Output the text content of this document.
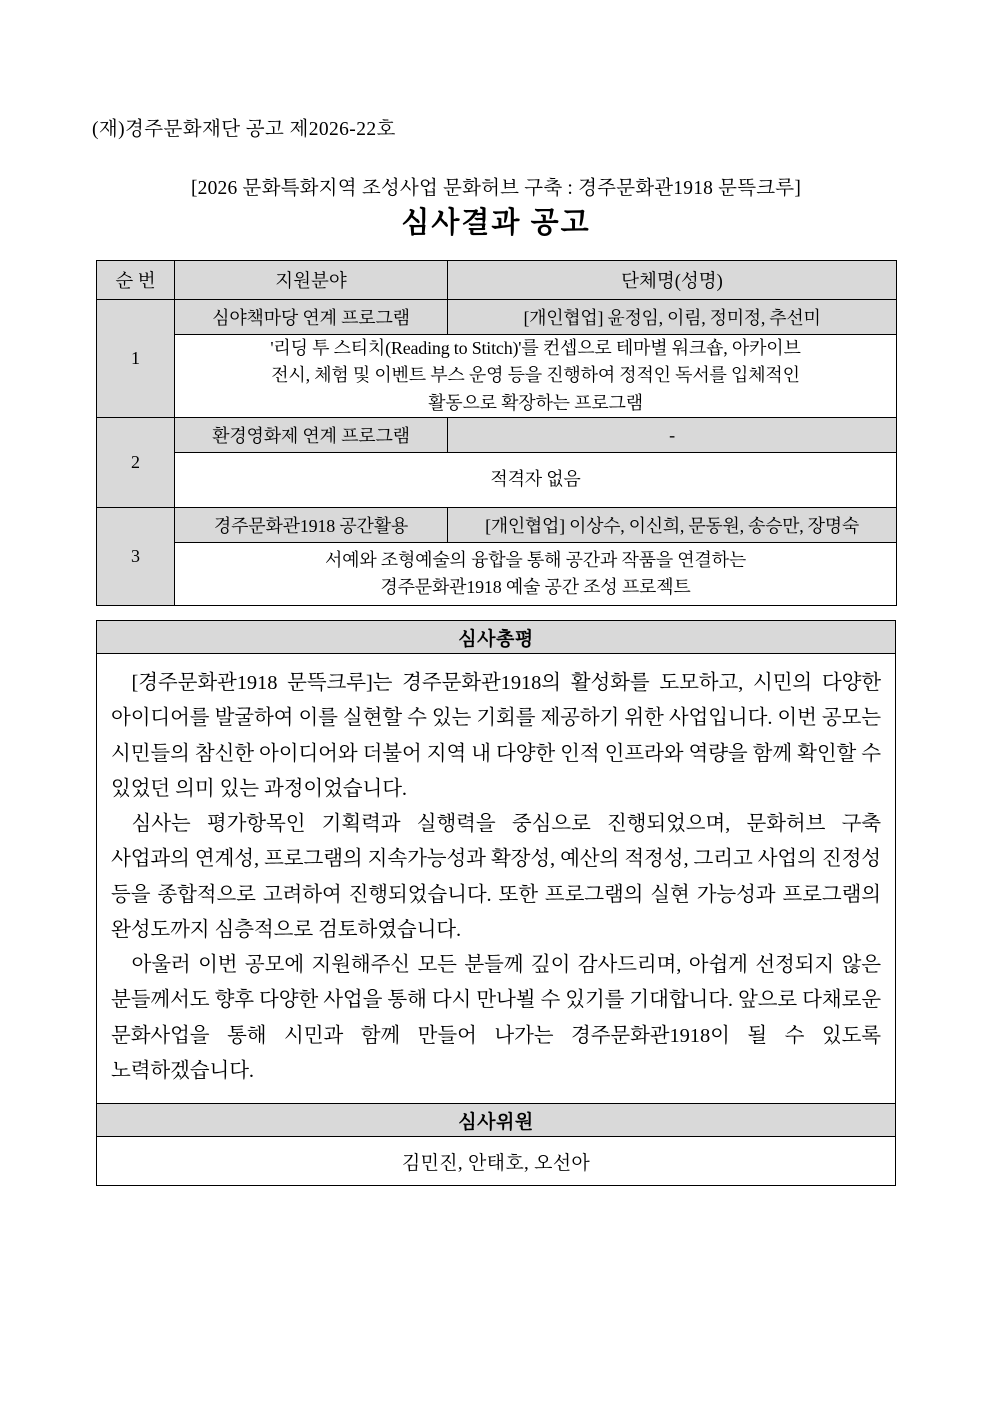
(재)경주문화재단 공고 제2026-22호
[2026 문화특화지역 조성사업 문화허브 구축 : 경주문화관1918 문뜩크루]
심사결과 공고
순 번	지원분야	단체명(성명)
1	심야책마당 연계 프로그램	[개인협업] 윤정임, 이림, 정미정, 추선미

	'리딩 투 스티치(Reading to Stitch)'를 컨셉으로 테마별 워크숍, 아카이브
전시, 체험 및 이벤트 부스 운영 등을 진행하여 정적인 독서를 입체적인
활동으로 확장하는 프로그램	

2	환경영화제 연계 프로그램	-

	적격자 없음	

3	경주문화관1918 공간활용	[개인협업] 이상수, 이신희, 문동원, 송승만, 장명숙

	서예와 조형예술의 융합을 통해 공간과 작품을 연결하는
경주문화관1918 예술 공간 조성 프로젝트	
심사총평

[경주문화관1918 문뜩크루]는 경주문화관1918의 활성화를 도모하고, 시민의 다양한 아이디어를 발굴하여 이를 실현할 수 있는 기회를 제공하기 위한 사업입니다. 이번 공모는 시민들의 참신한 아이디어와 더불어 지역 내 다양한 인적 인프라와 역량을 함께 확인할 수 있었던 의미 있는 과정이었습니다.

심사는 평가항목인 기획력과 실행력을 중심으로 진행되었으며, 문화허브 구축 사업과의 연계성, 프로그램의 지속가능성과 확장성, 예산의 적정성, 그리고 사업의 진정성 등을 종합적으로 고려하여 진행되었습니다. 또한 프로그램의 실현 가능성과 프로그램의 완성도까지 심층적으로 검토하였습니다.

아울러 이번 공모에 지원해주신 모든 분들께 깊이 감사드리며, 아쉽게 선정되지 않은 분들께서도 향후 다양한 사업을 통해 다시 만나뵐 수 있기를 기대합니다. 앞으로 다채로운 문화사업을 통해 시민과 함께 만들어 나가는 경주문화관1918이 될 수 있도록 노력하겠습니다.

심사위원
김민진, 안태호, 오선아
